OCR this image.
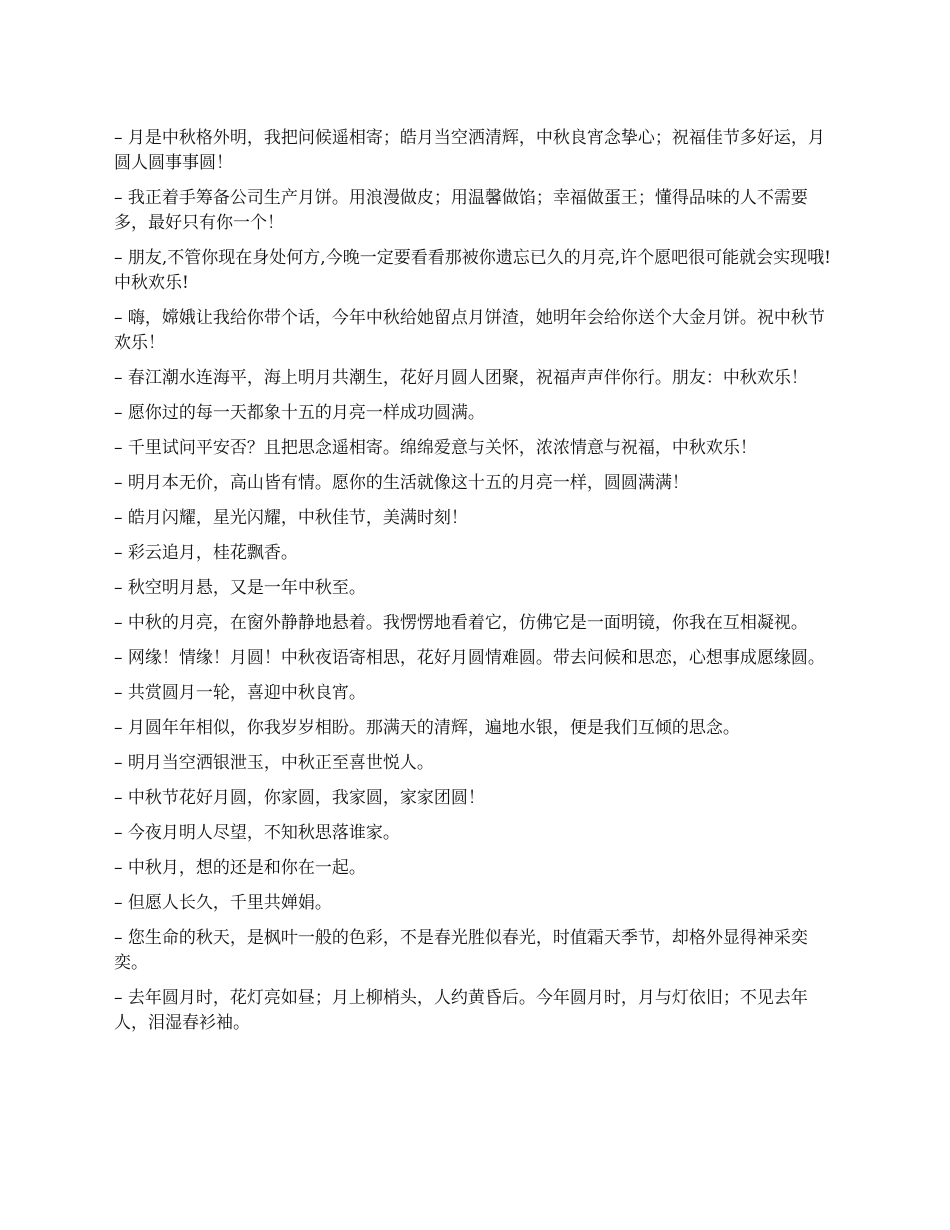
– 月是中秋格外明，我把问候遥相寄；皓月当空洒清辉，中秋良宵念挚心；祝福佳节多好运，月圆人圆事事圆！

– 我正着手筹备公司生产月饼。用浪漫做皮；用温馨做馅；幸福做蛋王；懂得品味的人不需要多，最好只有你一个！

– 朋友,不管你现在身处何方,今晚一定要看看那被你遗忘已久的月亮,许个愿吧很可能就会实现哦!中秋欢乐!

– 嗨，嫦娥让我给你带个话，今年中秋给她留点月饼渣，她明年会给你送个大金月饼。祝中秋节欢乐！

– 春江潮水连海平，海上明月共潮生，花好月圆人团聚，祝福声声伴你行。朋友：中秋欢乐！

– 愿你过的每一天都象十五的月亮一样成功圆满。

– 千里试问平安否？且把思念遥相寄。绵绵爱意与关怀，浓浓情意与祝福，中秋欢乐！

– 明月本无价，高山皆有情。愿你的生活就像这十五的月亮一样，圆圆满满！

– 皓月闪耀，星光闪耀，中秋佳节，美满时刻！

– 彩云追月，桂花飘香。

– 秋空明月悬，又是一年中秋至。

– 中秋的月亮，在窗外静静地悬着。我愣愣地看着它，仿佛它是一面明镜，你我在互相凝视。

– 网缘！情缘！月圆！中秋夜语寄相思，花好月圆情难圆。带去问候和思恋，心想事成愿缘圆。

– 共赏圆月一轮，喜迎中秋良宵。

– 月圆年年相似，你我岁岁相盼。那满天的清辉，遍地水银，便是我们互倾的思念。

– 明月当空洒银泄玉，中秋正至喜世悦人。

– 中秋节花好月圆，你家圆，我家圆，家家团圆！

– 今夜月明人尽望，不知秋思落谁家。

– 中秋月，想的还是和你在一起。

– 但愿人长久，千里共婵娟。

– 您生命的秋天，是枫叶一般的色彩，不是春光胜似春光，时值霜天季节，却格外显得神采奕奕。

– 去年圆月时，花灯亮如昼；月上柳梢头，人约黄昏后。今年圆月时，月与灯依旧；不见去年人，泪湿春衫袖。
